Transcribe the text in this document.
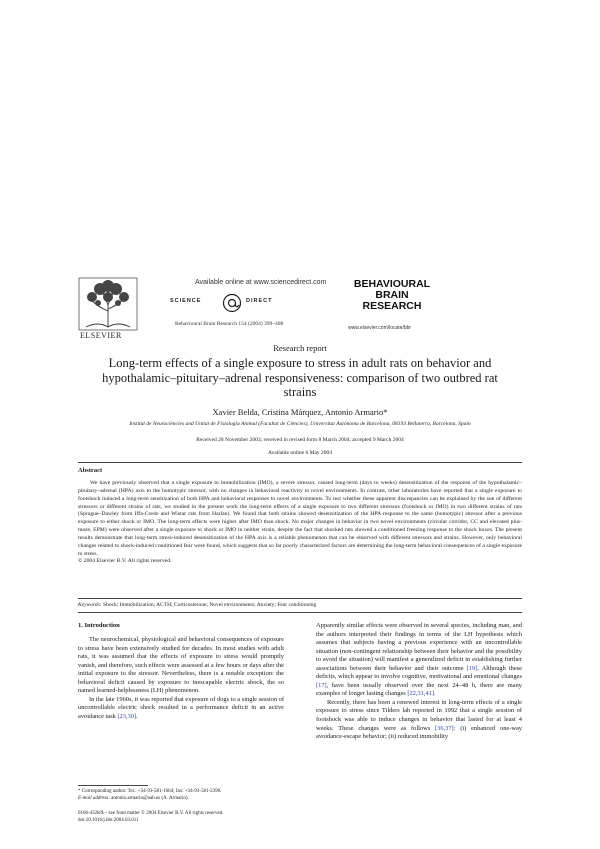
ELSEVIER
Available online at www.sciencedirect.com
SCIENCE	DIRECT
Behavioural Brain Research 154 (2004) 399–408
BEHAVIOURAL
BRAIN
RESEARCH
www.elsevier.com/locate/bbr
Research report
Long-term effects of a single exposure to stress in adult rats on behavior and hypothalamic–pituitary–adrenal responsiveness: comparison of two outbred rat strains
Xavier Belda, Cristina Márquez, Antonio Armario*
Institut de Neurociències and Unitat de Fisiologia Animal (Facultat de Ciències), Universitat Autònoma de Barcelona, 08193 Bellaterra, Barcelona, Spain
Received 28 November 2003; received in revised form 8 March 2004; accepted 9 March 2004
Available online 6 May 2004
Abstract
We have previously observed that a single exposure to immobilization (IMO), a severe stressor, caused long-term (days to weeks) desensitization of the response of the hypothalamic–pituitary–adrenal (HPA) axis to the homotypic stressor, with no changes in behavioral reactivity to novel environments. In contrast, other laboratories have reported that a single exposure to footshock induced a long-term sensitization of both HPA and behavioral responses to novel environments. To test whether these apparent discrepancies can be explained by the use of different stressors or different strains of rats, we studied in the present work the long-term effects of a single exposure to two different stressors (footshock or IMO) in two different strains of rats (Sprague–Dawley from Iffa-Credo and Wistar rats from Harlan). We found that both strains showed desensitization of the HPA response to the same (homotypic) stressor after a previous exposure to either shock or IMO. The long-term effects were higher after IMO than shock. No major changes in behavior in two novel environments (circular corridor, CC and elevated plus-maze, EPM) were observed after a single exposure to shock or IMO in neither strain, despite the fact that shocked rats showed a conditioned freezing response to the shock boxes. The present results demonstrate that long-term stress-induced desensitization of the HPA axis is a reliable phenomenon that can be observed with different stressors and strains. However, only behavioral changes related to shock-induced conditioned fear were found, which suggests that so far poorly characterized factors are determining the long-term behavioral consequences of a single exposure to stress.
© 2004 Elsevier B.V. All rights reserved.
Keywords: Shock; Immobilization; ACTH; Corticosterone; Novel environments; Anxiety; Fear conditioning
1. Introduction

The neurochemical, physiological and behavioral consequences of exposure to stress have been extensively studied for decades. In most studies with adult rats, it was assumed that the effects of exposure to stress would promptly vanish, and therefore, such effects were assessed at a few hours or days after the initial exposure to the stressor. Nevertheless, there is a notable exception: the behavioral deficit caused by exposure to inescapable electric shock, the so named learned-helplessness (LH) phenomenon.

In the late 1960s, it was reported that exposure of dogs to a single session of uncontrollable electric shock resulted in a performance deficit in an active avoidance task [23,30].

Apparently similar effects were observed in several species, including man, and the authors interpreted their findings in terms of the LH hypothesis which assumes that subjects having a previous experience with an uncontrollable situation (non-contingent relationship between their behavior and the possibility to avoid the situation) will manifest a generalized deficit in establishing further associations between their behavior and their outcome [19]. Although these deficits, which appear to involve cognitive, motivational and emotional changes [17], have been usually observed over the next 24–48 h, there are many examples of longer lasting changes [22,31,41].

Recently, there has been a renewed interest in long-term effects of a single exposure to stress since Tilders lab reported in 1992 that a single session of footshock was able to induce changes in behavior that lasted for at least 4 weeks. These changes were as follows [36,37]: (i) enhanced one-way avoidance-escape behavior; (ii) reduced immobility

* Corresponding author. Tel.: +34-93-581-1664; fax: +34-93-581-2390.
E-mail address: antonio.armario@uab.es (A. Armario).
0166-4328/$ – see front matter © 2004 Elsevier B.V. All rights reserved.
doi:10.1016/j.bbr.2004.03.011
